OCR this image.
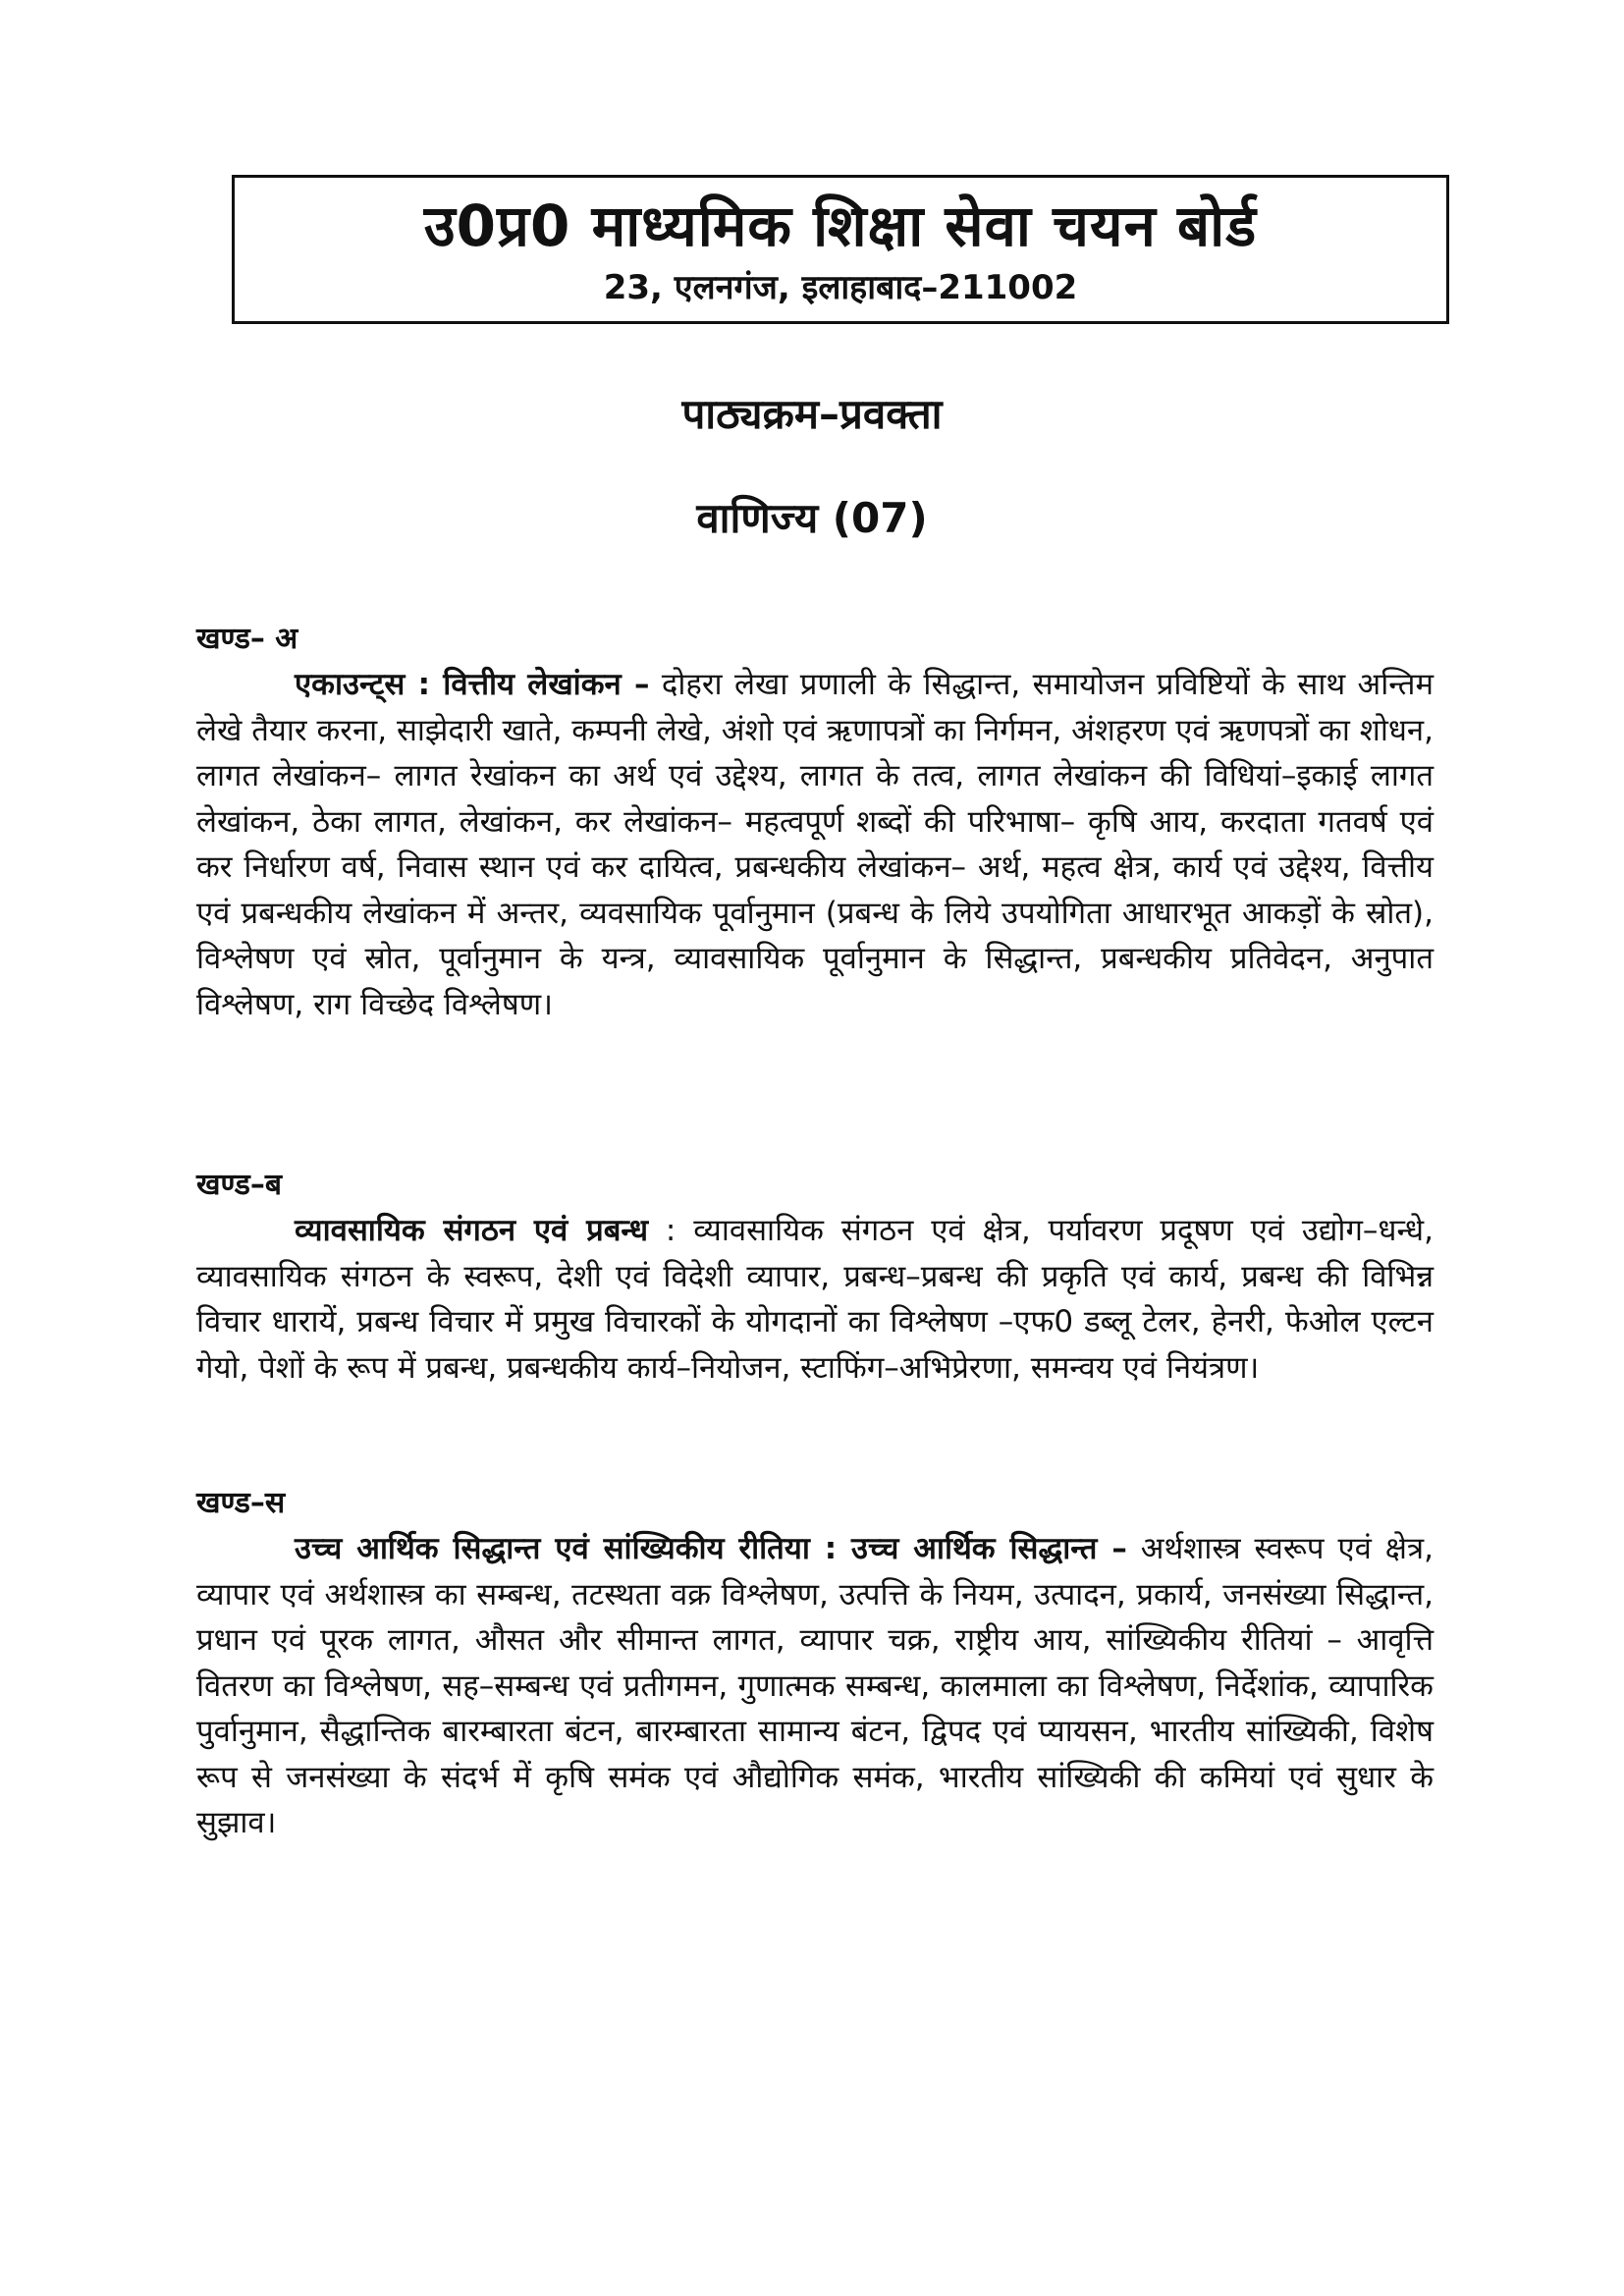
उ0प्र0 माध्यमिक शिक्षा सेवा चयन बोर्ड
23, एलनगंज, इलाहाबाद–211002
पाठ्यक्रम–प्रवक्ता
वाणिज्य (07)
खण्ड– अ
एकाउन्ट्स : वित्तीय लेखांकन – दोहरा लेखा प्रणाली के सिद्धान्त, समायोजन प्रविष्टियों के साथ अन्तिम लेखे तैयार करना, साझेदारी खाते, कम्पनी लेखे, अंशो एवं ऋणापत्रों का निर्गमन, अंशहरण एवं ऋणपत्रों का शोधन, लागत लेखांकन– लागत रेखांकन का अर्थ एवं उद्देश्य, लागत के तत्व, लागत लेखांकन की विधियां–इकाई लागत लेखांकन, ठेका लागत, लेखांकन, कर लेखांकन– महत्वपूर्ण शब्दों की परिभाषा– कृषि आय, करदाता गतवर्ष एवं कर निर्धारण वर्ष, निवास स्थान एवं कर दायित्व, प्रबन्धकीय लेखांकन– अर्थ, महत्व क्षेत्र, कार्य एवं उद्देश्य, वित्तीय एवं प्रबन्धकीय लेखांकन में अन्तर, व्यवसायिक पूर्वानुमान (प्रबन्ध के लिये उपयोगिता आधारभूत आकड़ों के स्रोत), विश्लेषण एवं स्रोत, पूर्वानुमान के यन्त्र, व्यावसायिक पूर्वानुमान के सिद्धान्त, प्रबन्धकीय प्रतिवेदन, अनुपात विश्लेषण, राग विच्छेद विश्लेषण।
खण्ड–ब
व्यावसायिक संगठन एवं प्रबन्ध : व्यावसायिक संगठन एवं क्षेत्र, पर्यावरण प्रदूषण एवं उद्योग–धन्धे, व्यावसायिक संगठन के स्वरूप, देशी एवं विदेशी व्यापार, प्रबन्ध–प्रबन्ध की प्रकृति एवं कार्य, प्रबन्ध की विभिन्न विचार धारायें, प्रबन्ध विचार में प्रमुख विचारकों के योगदानों का विश्लेषण –एफ0 डब्लू टेलर, हेनरी, फेओल एल्टन गेयो, पेशों के रूप में प्रबन्ध, प्रबन्धकीय कार्य–नियोजन, स्टाफिंग–अभिप्रेरणा, समन्वय एवं नियंत्रण।
खण्ड–स
उच्च आर्थिक सिद्धान्त एवं सांख्यिकीय रीतिया : उच्च आर्थिक सिद्धान्त – अर्थशास्त्र स्वरूप एवं क्षेत्र, व्यापार एवं अर्थशास्त्र का सम्बन्ध, तटस्थता वक्र विश्लेषण, उत्पत्ति के नियम, उत्पादन, प्रकार्य, जनसंख्या सिद्धान्त, प्रधान एवं पूरक लागत, औसत और सीमान्त लागत, व्यापार चक्र, राष्ट्रीय आय, सांख्यिकीय रीतियां – आवृत्ति वितरण का विश्लेषण, सह–सम्बन्ध एवं प्रतीगमन, गुणात्मक सम्बन्ध, कालमाला का विश्लेषण, निर्देशांक, व्यापारिक पुर्वानुमान, सैद्धान्तिक बारम्बारता बंटन, बारम्बारता सामान्य बंटन, द्विपद एवं प्यायसन, भारतीय सांख्यिकी, विशेष रूप से जनसंख्या के संदर्भ में कृषि समंक एवं औद्योगिक समंक, भारतीय सांख्यिकी की कमियां एवं सुधार के सुझाव।
